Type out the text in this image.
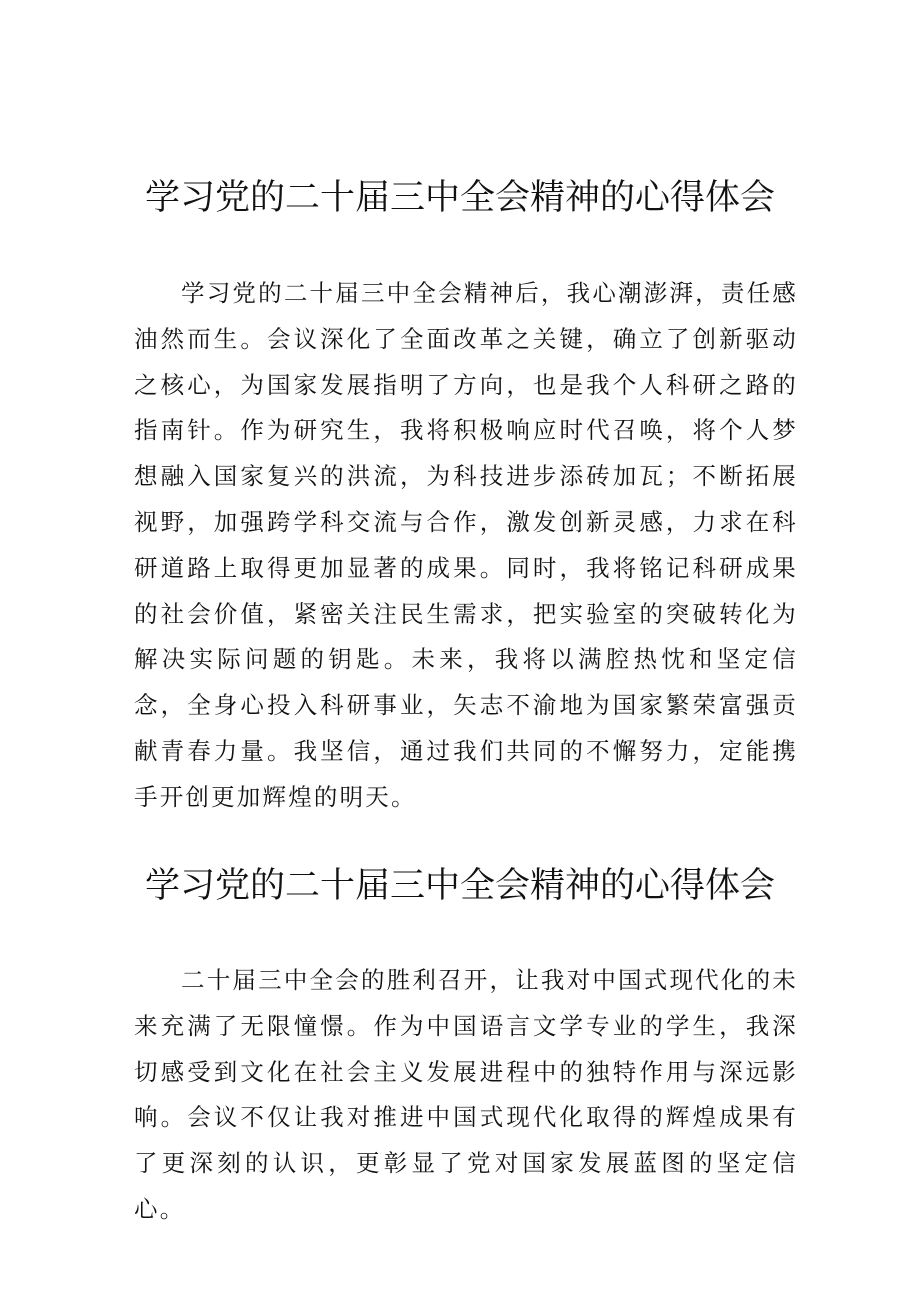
学习党的二十届三中全会精神的心得体会

学习党的二十届三中全会精神后，我心潮澎湃，责任感油然而生。会议深化了全面改革之关键，确立了创新驱动之核心，为国家发展指明了方向，也是我个人科研之路的指南针。作为研究生，我将积极响应时代召唤，将个人梦想融入国家复兴的洪流，为科技进步添砖加瓦；不断拓展视野，加强跨学科交流与合作，激发创新灵感，力求在科研道路上取得更加显著的成果。同时，我将铭记科研成果的社会价值，紧密关注民生需求，把实验室的突破转化为解决实际问题的钥匙。未来，我将以满腔热忱和坚定信念，全身心投入科研事业，矢志不渝地为国家繁荣富强贡献青春力量。我坚信，通过我们共同的不懈努力，定能携手开创更加辉煌的明天。

学习党的二十届三中全会精神的心得体会

二十届三中全会的胜利召开，让我对中国式现代化的未来充满了无限憧憬。作为中国语言文学专业的学生，我深切感受到文化在社会主义发展进程中的独特作用与深远影响。会议不仅让我对推进中国式现代化取得的辉煌成果有了更深刻的认识，更彰显了党对国家发展蓝图的坚定信心。
